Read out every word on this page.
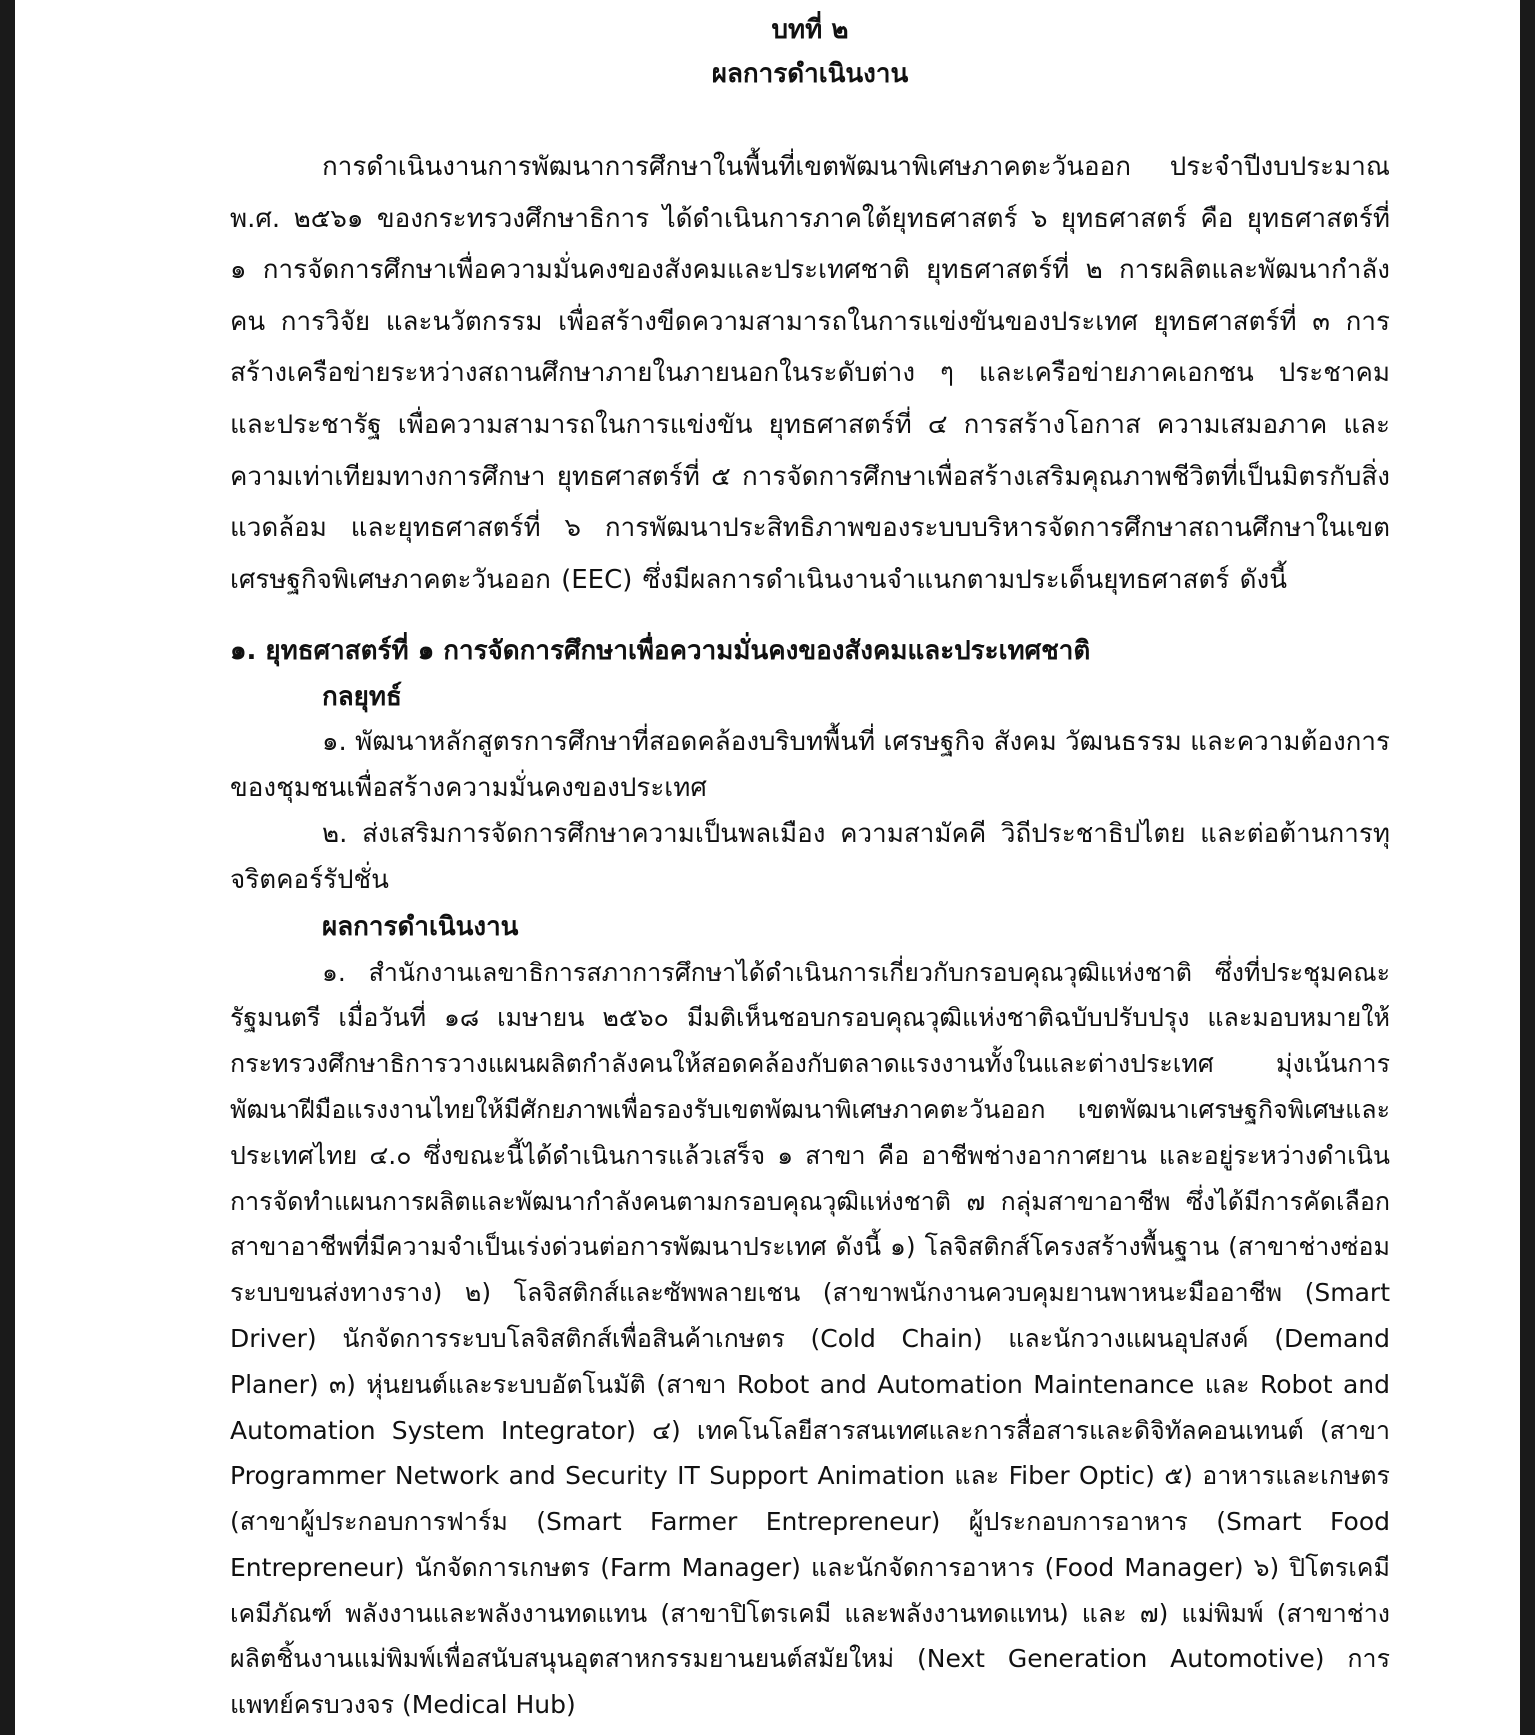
บทที่ ๒
ผลการดำเนินงาน

การดำเนินงานการพัฒนาการศึกษาในพื้นที่เขตพัฒนาพิเศษภาคตะวันออก ประจำปีงบประมาณ พ.ศ. ๒๕๖๑ ของกระทรวงศึกษาธิการ ได้ดำเนินการภาคใต้ยุทธศาสตร์ ๖ ยุทธศาสตร์ คือ ยุทธศาสตร์ที่ ๑ การจัดการศึกษาเพื่อความมั่นคงของสังคมและประเทศชาติ ยุทธศาสตร์ที่ ๒ การผลิตและพัฒนากำลังคน การวิจัย และนวัตกรรม เพื่อสร้างขีดความสามารถในการแข่งขันของประเทศ ยุทธศาสตร์ที่ ๓ การสร้างเครือข่ายระหว่างสถานศึกษาภายในภายนอกในระดับต่าง ๆ และเครือข่ายภาคเอกชน ประชาคม และประชารัฐ เพื่อความสามารถในการแข่งขัน ยุทธศาสตร์ที่ ๔ การสร้างโอกาส ความเสมอภาค และความเท่าเทียมทางการศึกษา ยุทธศาสตร์ที่ ๕ การจัดการศึกษาเพื่อสร้างเสริมคุณภาพชีวิตที่เป็นมิตรกับสิ่งแวดล้อม และยุทธศาสตร์ที่ ๖ การพัฒนาประสิทธิภาพของระบบบริหารจัดการศึกษาสถานศึกษาในเขตเศรษฐกิจพิเศษภาคตะวันออก (EEC) ซึ่งมีผลการดำเนินงานจำแนกตามประเด็นยุทธศาสตร์ ดังนี้

๑. ยุทธศาสตร์ที่ ๑ การจัดการศึกษาเพื่อความมั่นคงของสังคมและประเทศชาติ
กลยุทธ์
๑. พัฒนาหลักสูตรการศึกษาที่สอดคล้องบริบทพื้นที่ เศรษฐกิจ สังคม วัฒนธรรม และความต้องการของชุมชนเพื่อสร้างความมั่นคงของประเทศ
๒. ส่งเสริมการจัดการศึกษาความเป็นพลเมือง ความสามัคคี วิถีประชาธิปไตย และต่อต้านการทุจริตคอร์รัปชั่น
ผลการดำเนินงาน
๑. สำนักงานเลขาธิการสภาการศึกษาได้ดำเนินการเกี่ยวกับกรอบคุณวุฒิแห่งชาติ ซึ่งที่ประชุมคณะรัฐมนตรี เมื่อวันที่ ๑๘ เมษายน ๒๕๖๐ มีมติเห็นชอบกรอบคุณวุฒิแห่งชาติฉบับปรับปรุง และมอบหมายให้กระทรวงศึกษาธิการวางแผนผลิตกำลังคนให้สอดคล้องกับตลาดแรงงานทั้งในและต่างประเทศ มุ่งเน้นการพัฒนาฝีมือแรงงานไทยให้มีศักยภาพเพื่อรองรับเขตพัฒนาพิเศษภาคตะวันออก เขตพัฒนาเศรษฐกิจพิเศษและประเทศไทย ๔.๐ ซึ่งขณะนี้ได้ดำเนินการแล้วเสร็จ ๑ สาขา คือ อาชีพช่างอากาศยาน และอยู่ระหว่างดำเนินการจัดทำแผนการผลิตและพัฒนากำลังคนตามกรอบคุณวุฒิแห่งชาติ ๗ กลุ่มสาขาอาชีพ ซึ่งได้มีการคัดเลือกสาขาอาชีพที่มีความจำเป็นเร่งด่วนต่อการพัฒนาประเทศ ดังนี้ ๑) โลจิสติกส์โครงสร้างพื้นฐาน (สาขาช่างซ่อมระบบขนส่งทางราง) ๒) โลจิสติกส์และซัพพลายเชน (สาขาพนักงานควบคุมยานพาหนะมืออาชีพ (Smart Driver) นักจัดการระบบโลจิสติกส์เพื่อสินค้าเกษตร (Cold Chain) และนักวางแผนอุปสงค์ (Demand Planer) ๓) หุ่นยนต์และระบบอัตโนมัติ (สาขา Robot and Automation Maintenance และ Robot and Automation System Integrator) ๔) เทคโนโลยีสารสนเทศและการสื่อสารและดิจิทัลคอนเทนต์ (สาขา Programmer Network and Security IT Support Animation และ Fiber Optic) ๕) อาหารและเกษตร (สาขาผู้ประกอบการฟาร์ม (Smart Farmer Entrepreneur) ผู้ประกอบการอาหาร (Smart Food Entrepreneur) นักจัดการเกษตร (Farm Manager) และนักจัดการอาหาร (Food Manager) ๖) ปิโตรเคมี เคมีภัณฑ์ พลังงานและพลังงานทดแทน (สาขาปิโตรเคมี และพลังงานทดแทน) และ ๗) แม่พิมพ์ (สาขาช่างผลิตชิ้นงานแม่พิมพ์เพื่อสนับสนุนอุตสาหกรรมยานยนต์สมัยใหม่ (Next Generation Automotive) การแพทย์ครบวงจร (Medical Hub)
